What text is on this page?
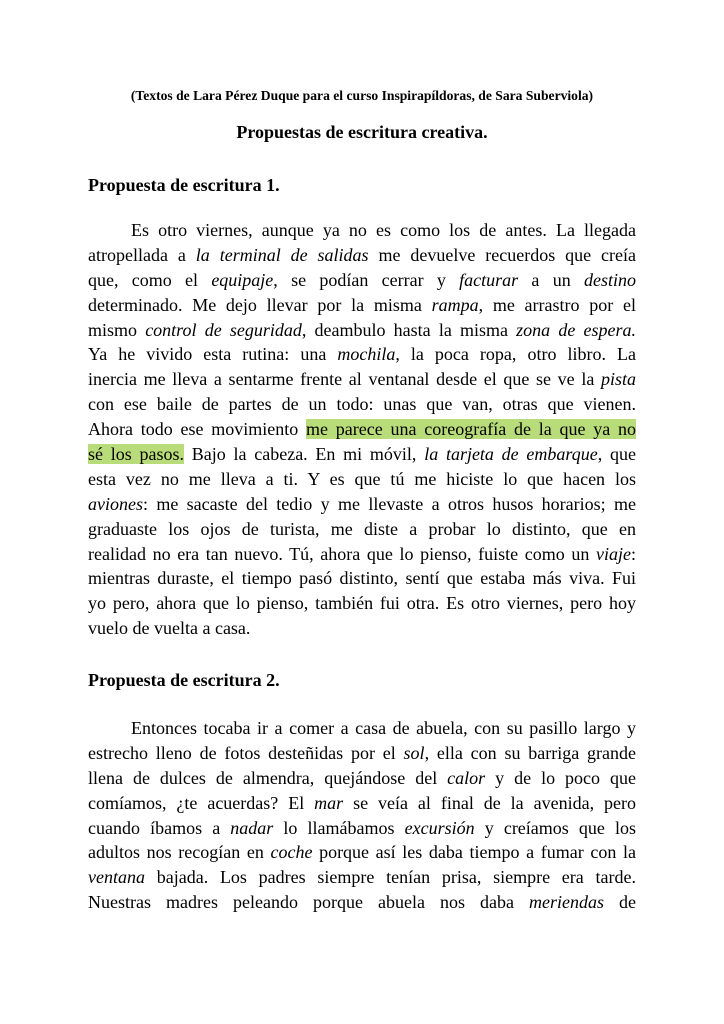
(Textos de Lara Pérez Duque para el curso Inspirapíldoras, de Sara Suberviola)
Propuestas de escritura creativa.
Propuesta de escritura 1.
Es otro viernes, aunque ya no es como los de antes. La llegada
atropellada a la terminal de salidas me devuelve recuerdos que creía
que, como el equipaje, se podían cerrar y facturar a un destino
determinado. Me dejo llevar por la misma rampa, me arrastro por el
mismo control de seguridad, deambulo hasta la misma zona de espera.
Ya he vivido esta rutina: una mochila, la poca ropa, otro libro. La
inercia me lleva a sentarme frente al ventanal desde el que se ve la pista
con ese baile de partes de un todo: unas que van, otras que vienen.
Ahora todo ese movimiento me parece una coreografía de la que ya no
sé los pasos. Bajo la cabeza. En mi móvil, la tarjeta de embarque, que
esta vez no me lleva a ti. Y es que tú me hiciste lo que hacen los
aviones: me sacaste del tedio y me llevaste a otros husos horarios; me
graduaste los ojos de turista, me diste a probar lo distinto, que en
realidad no era tan nuevo. Tú, ahora que lo pienso, fuiste como un viaje:
mientras duraste, el tiempo pasó distinto, sentí que estaba más viva. Fui
yo pero, ahora que lo pienso, también fui otra. Es otro viernes, pero hoy
vuelo de vuelta a casa.
Propuesta de escritura 2.
Entonces tocaba ir a comer a casa de abuela, con su pasillo largo y
estrecho lleno de fotos desteñidas por el sol, ella con su barriga grande
llena de dulces de almendra, quejándose del calor y de lo poco que
comíamos, ¿te acuerdas? El mar se veía al final de la avenida, pero
cuando íbamos a nadar lo llamábamos excursión y creíamos que los
adultos nos recogían en coche porque así les daba tiempo a fumar con la
ventana bajada. Los padres siempre tenían prisa, siempre era tarde.
Nuestras madres peleando porque abuela nos daba meriendas de
